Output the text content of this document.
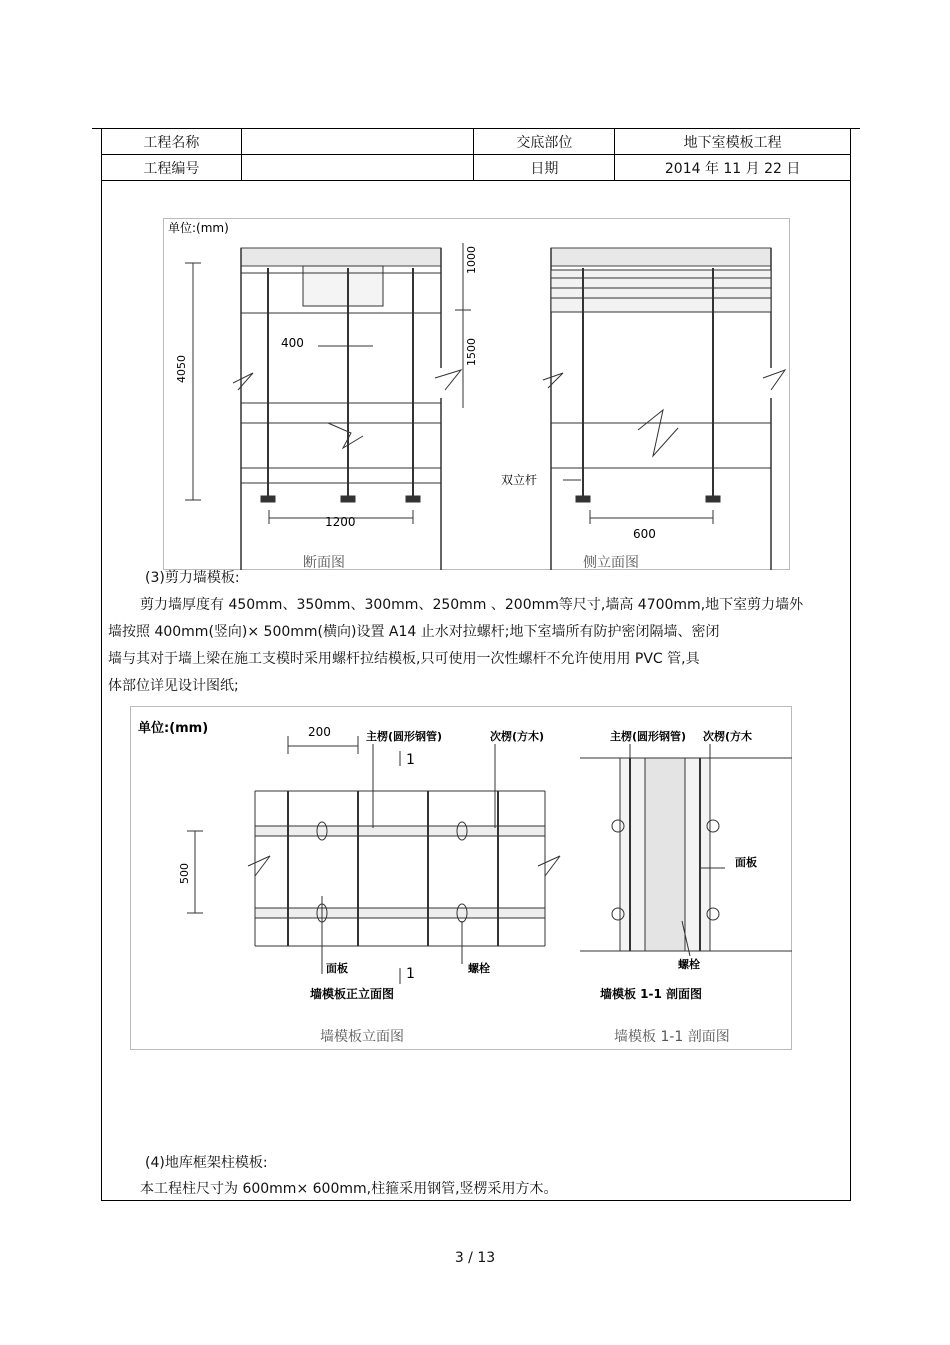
工程名称		交底部位	地下室模板工程
工程编号		日期	2014 年 11 月 22 日
单位:(mm)
4050
1000
1500
400
1200
断面图
双立杆
600
侧立面图
(3)剪力墙模板:
剪力墙厚度有 450mm、350mm、300mm、250mm 、200mm等尺寸,墙高 4700mm,地下室剪力墙外
墙按照 400mm(竖向)× 500mm(横向)设置 A14 止水对拉螺杆;地下室墙所有防护密闭隔墙、密闭
墙与其对于墙上梁在施工支模时采用螺杆拉结模板,只可使用一次性螺杆不允许使用用 PVC 管,具
体部位详见设计图纸;
单位:(mm)	200
500
主楞(圆形钢管)	次楞(方木)
1
1
面板	螺栓
墙模板正立面图
墙模板立面图
主楞(圆形钢管) 次楞(方木
面板
螺栓
墙模板 1-1 剖面图
墙模板 1-1 剖面图
(4)地库框架柱模板:
本工程柱尺寸为 600mm× 600mm,柱箍采用钢管,竖楞采用方木。
3 / 13
